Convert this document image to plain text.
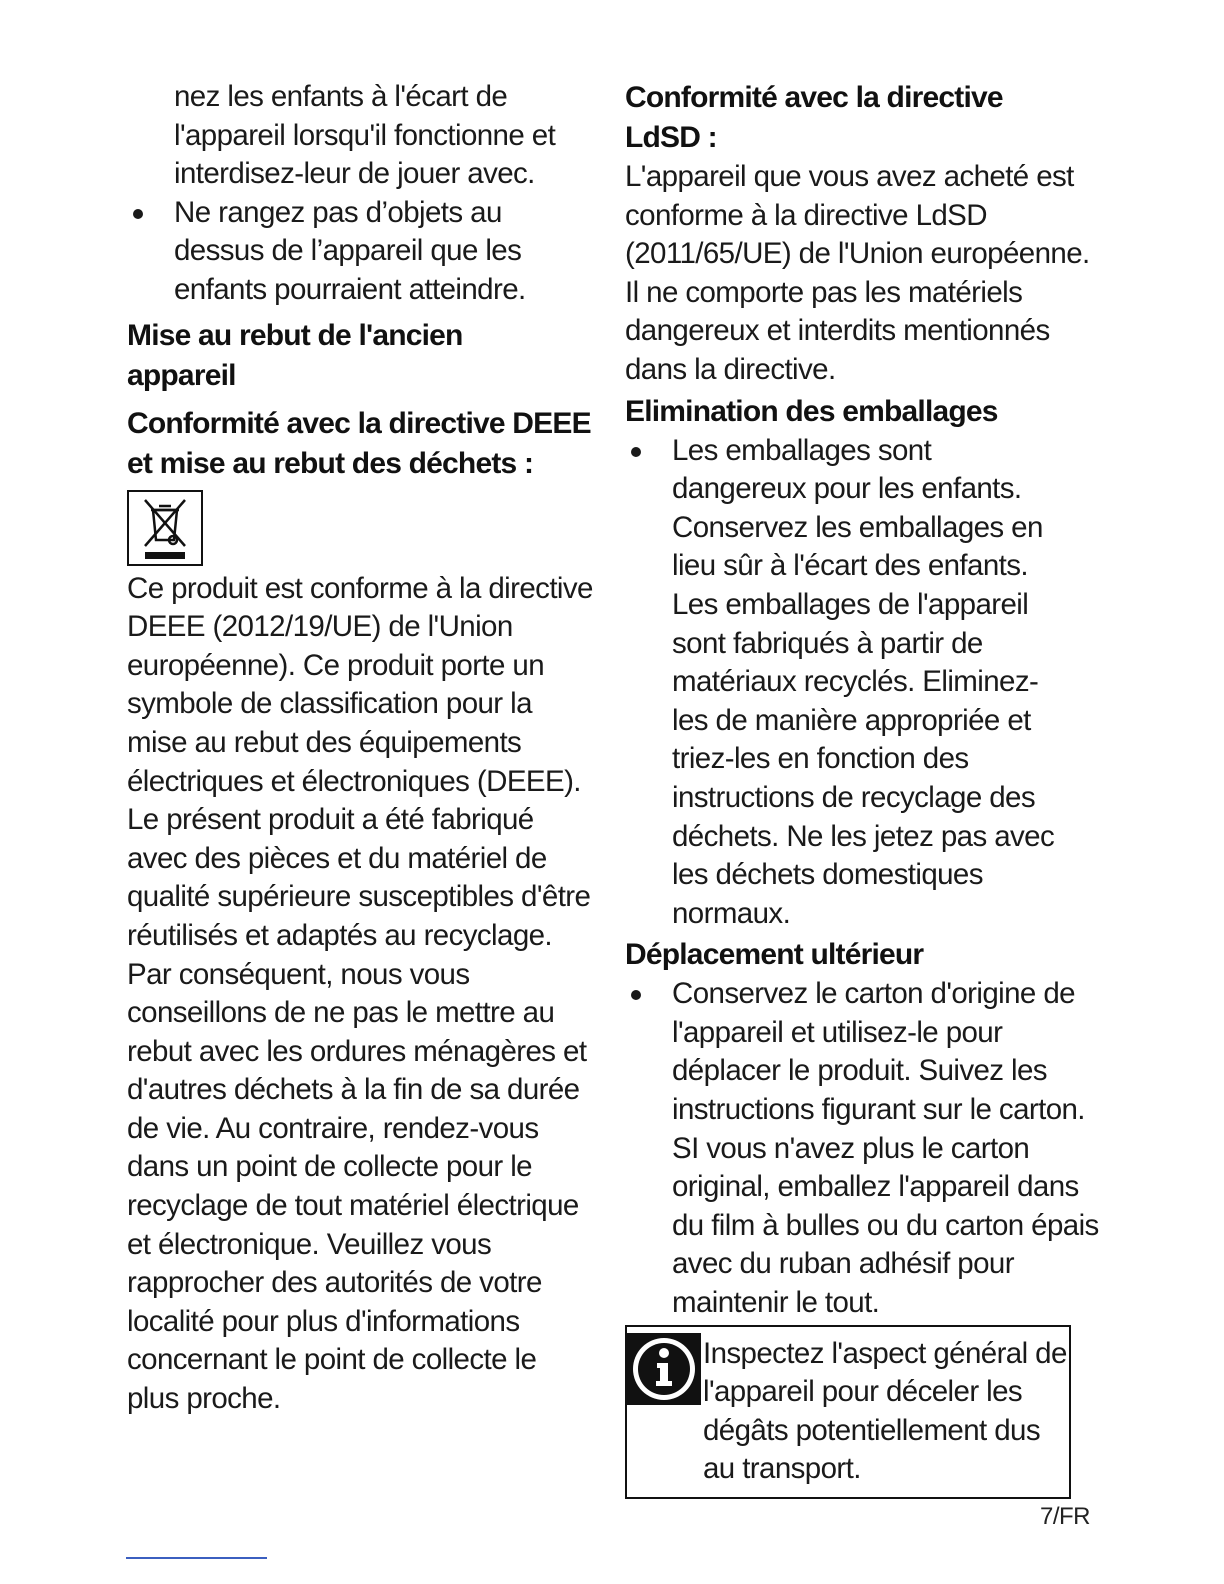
nez les enfants à l'écart de l'appareil lorsqu'il fonctionne et interdisez-leur de jouer avec.

Ne rangez pas d’objets au dessus de l’appareil que les enfants pourraient atteindre.

Mise au rebut de l'ancien appareil
Conformité avec la directive DEEE et mise au rebut des déchets :

Ce produit est conforme à la directive DEEE (2012/19/UE) de l'Union européenne). Ce produit porte un symbole de classification pour la mise au rebut des équipements électriques et électroniques (DEEE).

Le présent produit a été fabriqué avec des pièces et du matériel de qualité supérieure susceptibles d'être réutilisés et adaptés au recyclage. Par conséquent, nous vous conseillons de ne pas le mettre au rebut avec les ordures ménagères et d'autres déchets à la fin de sa durée de vie. Au contraire, rendez-vous dans un point de collecte pour le recyclage de tout matériel électrique et électronique. Veuillez vous rapprocher des autorités de votre localité pour plus d'informations concernant le point de collecte le plus proche.

Conformité avec la directive LdSD :

L'appareil que vous avez acheté est conforme à la directive LdSD (2011/65/UE) de l'Union européenne. Il ne comporte pas les matériels dangereux et interdits mentionnés dans la directive.

Elimination des emballages

Les emballages sont dangereux pour les enfants. Conservez les emballages en lieu sûr à l'écart des enfants. Les emballages de l'appareil sont fabriqués à partir de matériaux recyclés. Eliminez-les de manière appropriée et triez-les en fonction des instructions de recyclage des déchets. Ne les jetez pas avec les déchets domestiques normaux.

Déplacement ultérieur

Conservez le carton d'origine de l'appareil et utilisez-le pour déplacer le produit. Suivez les instructions figurant sur le carton. SI vous n'avez plus le carton original, emballez l'appareil dans du film à bulles ou du carton épais avec du ruban adhésif pour maintenir le tout.

Inspectez l'aspect général de l'appareil pour déceler les dégâts potentiellement dus au transport.

7/FR
